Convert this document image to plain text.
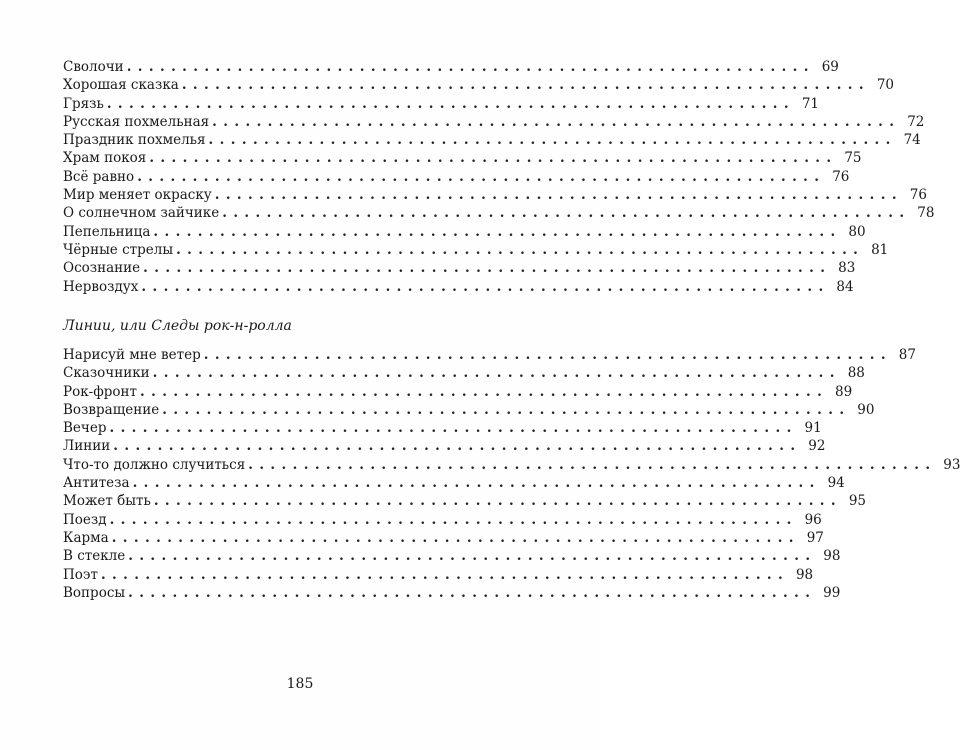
Сволочи .............................................................. 69
Хорошая сказка .............................................................. 70
Грязь .............................................................. 71
Русская похмельная .............................................................. 72
Праздник похмелья .............................................................. 74
Храм покоя .............................................................. 75
Всё равно .............................................................. 76
Мир меняет окраску .............................................................. 76
О солнечном зайчике .............................................................. 78
Пепельница .............................................................. 80
Чёрные стрелы .............................................................. 81
Осознание .............................................................. 83
Нервоздух .............................................................. 84
Линии, или Следы рок-н-ролла
Нарисуй мне ветер .............................................................. 87
Сказочники .............................................................. 88
Рок-фронт .............................................................. 89
Возвращение .............................................................. 90
Вечер .............................................................. 91
Линии .............................................................. 92
Что-то должно случиться .............................................................. 93
Антитеза .............................................................. 94
Может быть .............................................................. 95
Поезд .............................................................. 96
Карма .............................................................. 97
В стекле .............................................................. 98
Поэт .............................................................. 98
Вопросы .............................................................. 99
185
